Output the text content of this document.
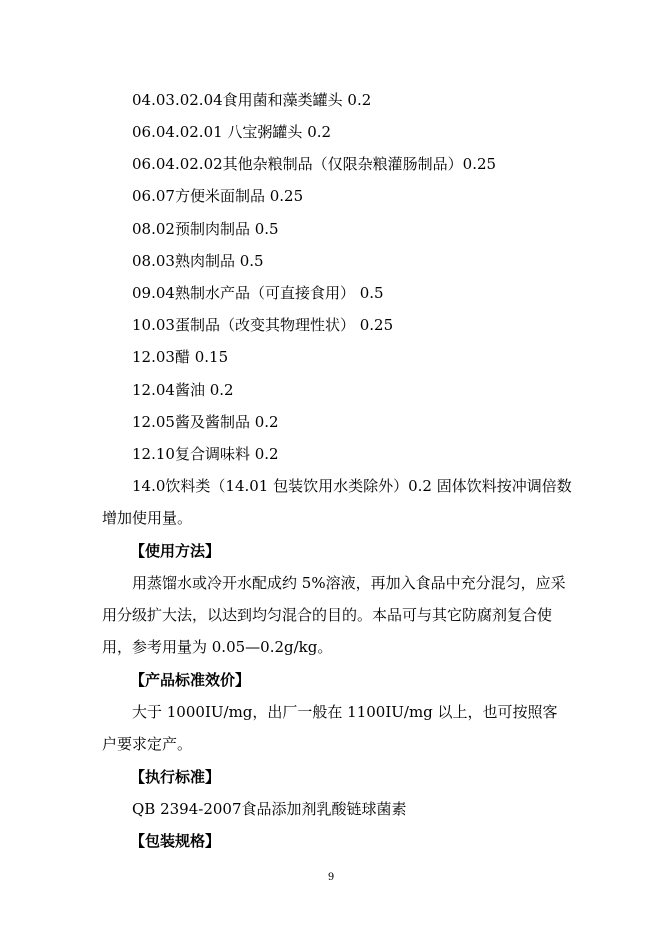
04.03.02.04食用菌和藻类罐头 0.2
06.04.02.01 八宝粥罐头 0.2
06.04.02.02其他杂粮制品（仅限杂粮灌肠制品）0.25
06.07方便米面制品 0.25
08.02预制肉制品 0.5
08.03熟肉制品 0.5
09.04熟制水产品（可直接食用） 0.5
10.03蛋制品（改变其物理性状） 0.25
12.03醋 0.15
12.04酱油 0.2
12.05酱及酱制品 0.2
12.10复合调味料 0.2
14.0饮料类（14.01 包装饮用水类除外）0.2 固体饮料按冲调倍数增加使用量。
【使用方法】
用蒸馏水或冷开水配成约 5%溶液，再加入食品中充分混匀，应采用分级扩大法，以达到均匀混合的目的。本品可与其它防腐剂复合使用，参考用量为 0.05—0.2g/kg。
【产品标准效价】
大于 1000IU/mg，出厂一般在 1100IU/mg 以上，也可按照客户要求定产。
【执行标准】
QB 2394-2007食品添加剂乳酸链球菌素
【包装规格】
9
